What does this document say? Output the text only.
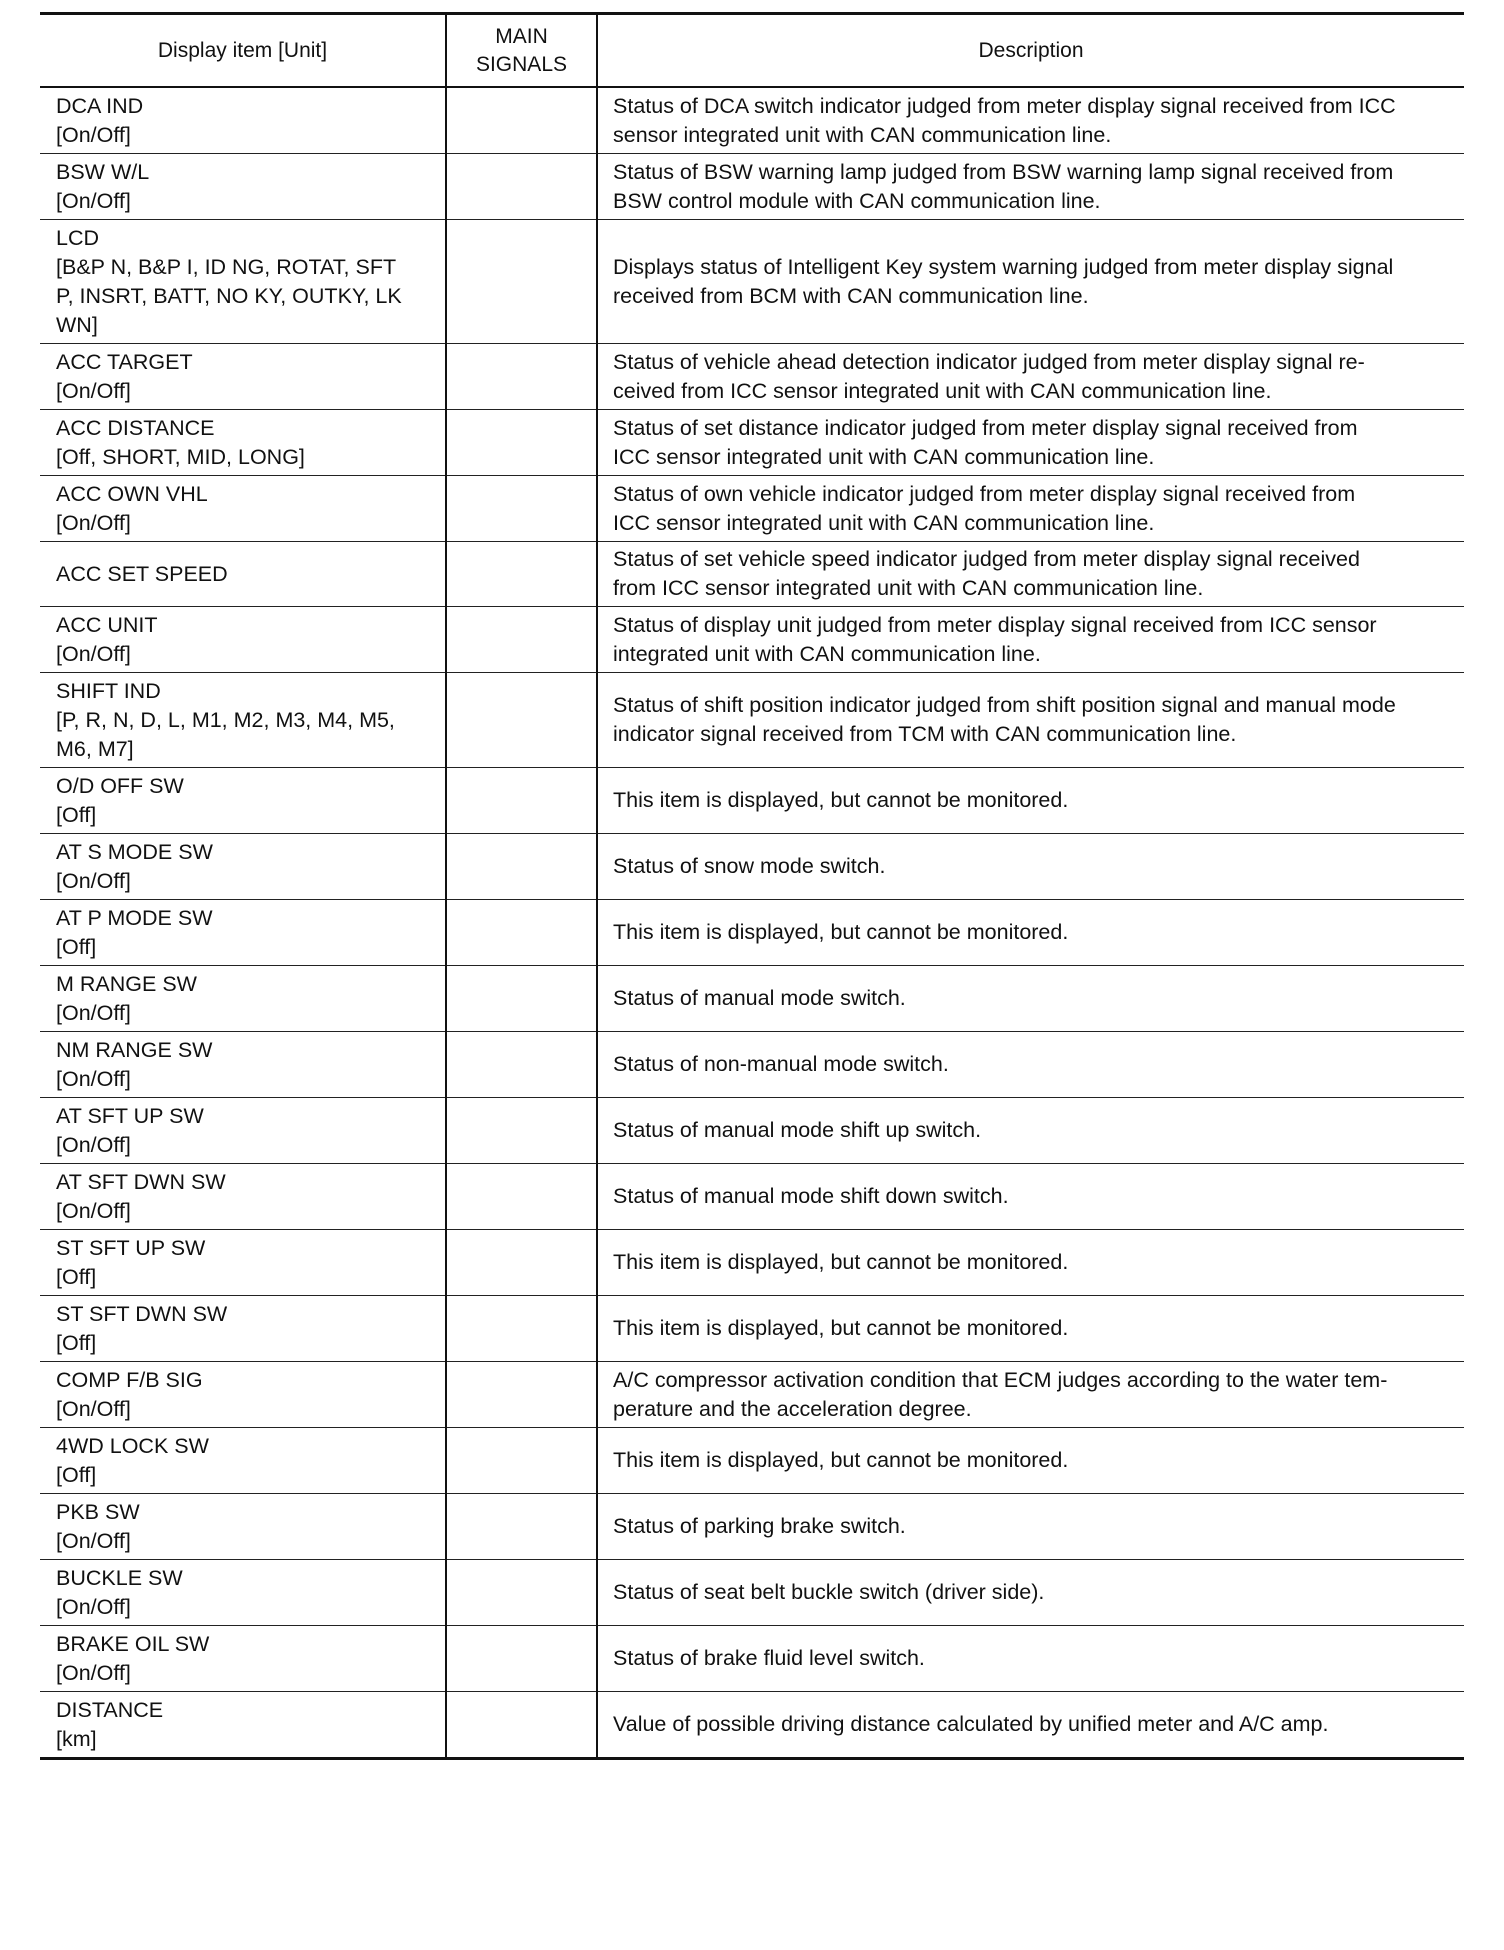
Display item [Unit]	MAIN
SIGNALS	Description

DCA IND
[On/Off]		Status of DCA switch indicator judged from meter display signal received from ICC
sensor integrated unit with CAN communication line.

BSW W/L
[On/Off]		Status of BSW warning lamp judged from BSW warning lamp signal received from
BSW control module with CAN communication line.

LCD
[B&P N, B&P I, ID NG, ROTAT, SFT
P, INSRT, BATT, NO KY, OUTKY, LK
WN]		Displays status of Intelligent Key system warning judged from meter display signal
received from BCM with CAN communication line.

ACC TARGET
[On/Off]		Status of vehicle ahead detection indicator judged from meter display signal re-
ceived from ICC sensor integrated unit with CAN communication line.

ACC DISTANCE
[Off, SHORT, MID, LONG]		Status of set distance indicator judged from meter display signal received from
ICC sensor integrated unit with CAN communication line.

ACC OWN VHL
[On/Off]		Status of own vehicle indicator judged from meter display signal received from
ICC sensor integrated unit with CAN communication line.

ACC SET SPEED		Status of set vehicle speed indicator judged from meter display signal received
from ICC sensor integrated unit with CAN communication line.

ACC UNIT
[On/Off]		Status of display unit judged from meter display signal received from ICC sensor
integrated unit with CAN communication line.

SHIFT IND
[P, R, N, D, L, M1, M2, M3, M4, M5,
M6, M7]		Status of shift position indicator judged from shift position signal and manual mode
indicator signal received from TCM with CAN communication line.

O/D OFF SW
[Off]		This item is displayed, but cannot be monitored.

AT S MODE SW
[On/Off]		Status of snow mode switch.

AT P MODE SW
[Off]		This item is displayed, but cannot be monitored.

M RANGE SW
[On/Off]		Status of manual mode switch.

NM RANGE SW
[On/Off]		Status of non-manual mode switch.

AT SFT UP SW
[On/Off]		Status of manual mode shift up switch.

AT SFT DWN SW
[On/Off]		Status of manual mode shift down switch.

ST SFT UP SW
[Off]		This item is displayed, but cannot be monitored.

ST SFT DWN SW
[Off]		This item is displayed, but cannot be monitored.

COMP F/B SIG
[On/Off]		A/C compressor activation condition that ECM judges according to the water tem-
perature and the acceleration degree.

4WD LOCK SW
[Off]		This item is displayed, but cannot be monitored.

PKB SW
[On/Off]		Status of parking brake switch.

BUCKLE SW
[On/Off]		Status of seat belt buckle switch (driver side).

BRAKE OIL SW
[On/Off]		Status of brake fluid level switch.

DISTANCE
[km]		Value of possible driving distance calculated by unified meter and A/C amp.
